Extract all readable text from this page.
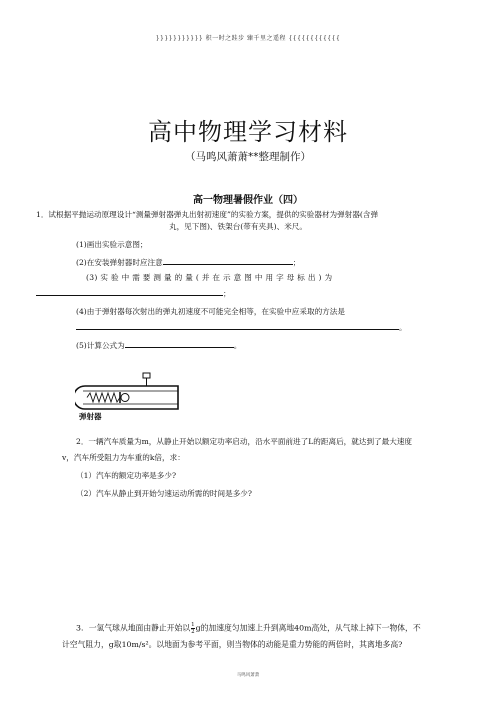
}}}}}}}}}}} 积一时之跬步 臻千里之遥程 {{{{{{{{{{{{
高中物理学习材料
（马鸣风萧萧**整理制作）
高一物理暑假作业（四）
1．试根据平抛运动原理设计“测量弹射器弹丸出射初速度”的实验方案，提供的实验器材为弹射器(含弹
丸，见下图)、铁架台(带有夹具)、米尺。
(1)画出实验示意图；
(2)在安装弹射器时应注意	；
(3) 实 验 中 需 要 测 量 的 量 ( 并 在 示 意 图 中 用 字 母 标 出 ) 为
；
(4)由于弹射器每次射出的弹丸初速度不可能完全相等，在实验中应采取的方法是
。
(5)计算公式为	。
弹射器
2．一辆汽车质量为m，从静止开始以额定功率启动，沿水平面前进了L的距离后，就达到了最大速度
v，汽车所受阻力为车重的k倍，求：
（1）汽车的额定功率是多少?
（2）汽车从静止到开始匀速运动所需的时间是多少?
3．一氢气球从地面由静止开始以 $\frac{1}{2}$ g的加速度匀加速上升到离地40m高处，从气球上掉下一物体，不
计空气阻力，g取10m/s²。以地面为参考平面，则当物体的动能是重力势能的两倍时，其离地多高?
马鸣风萧萧
